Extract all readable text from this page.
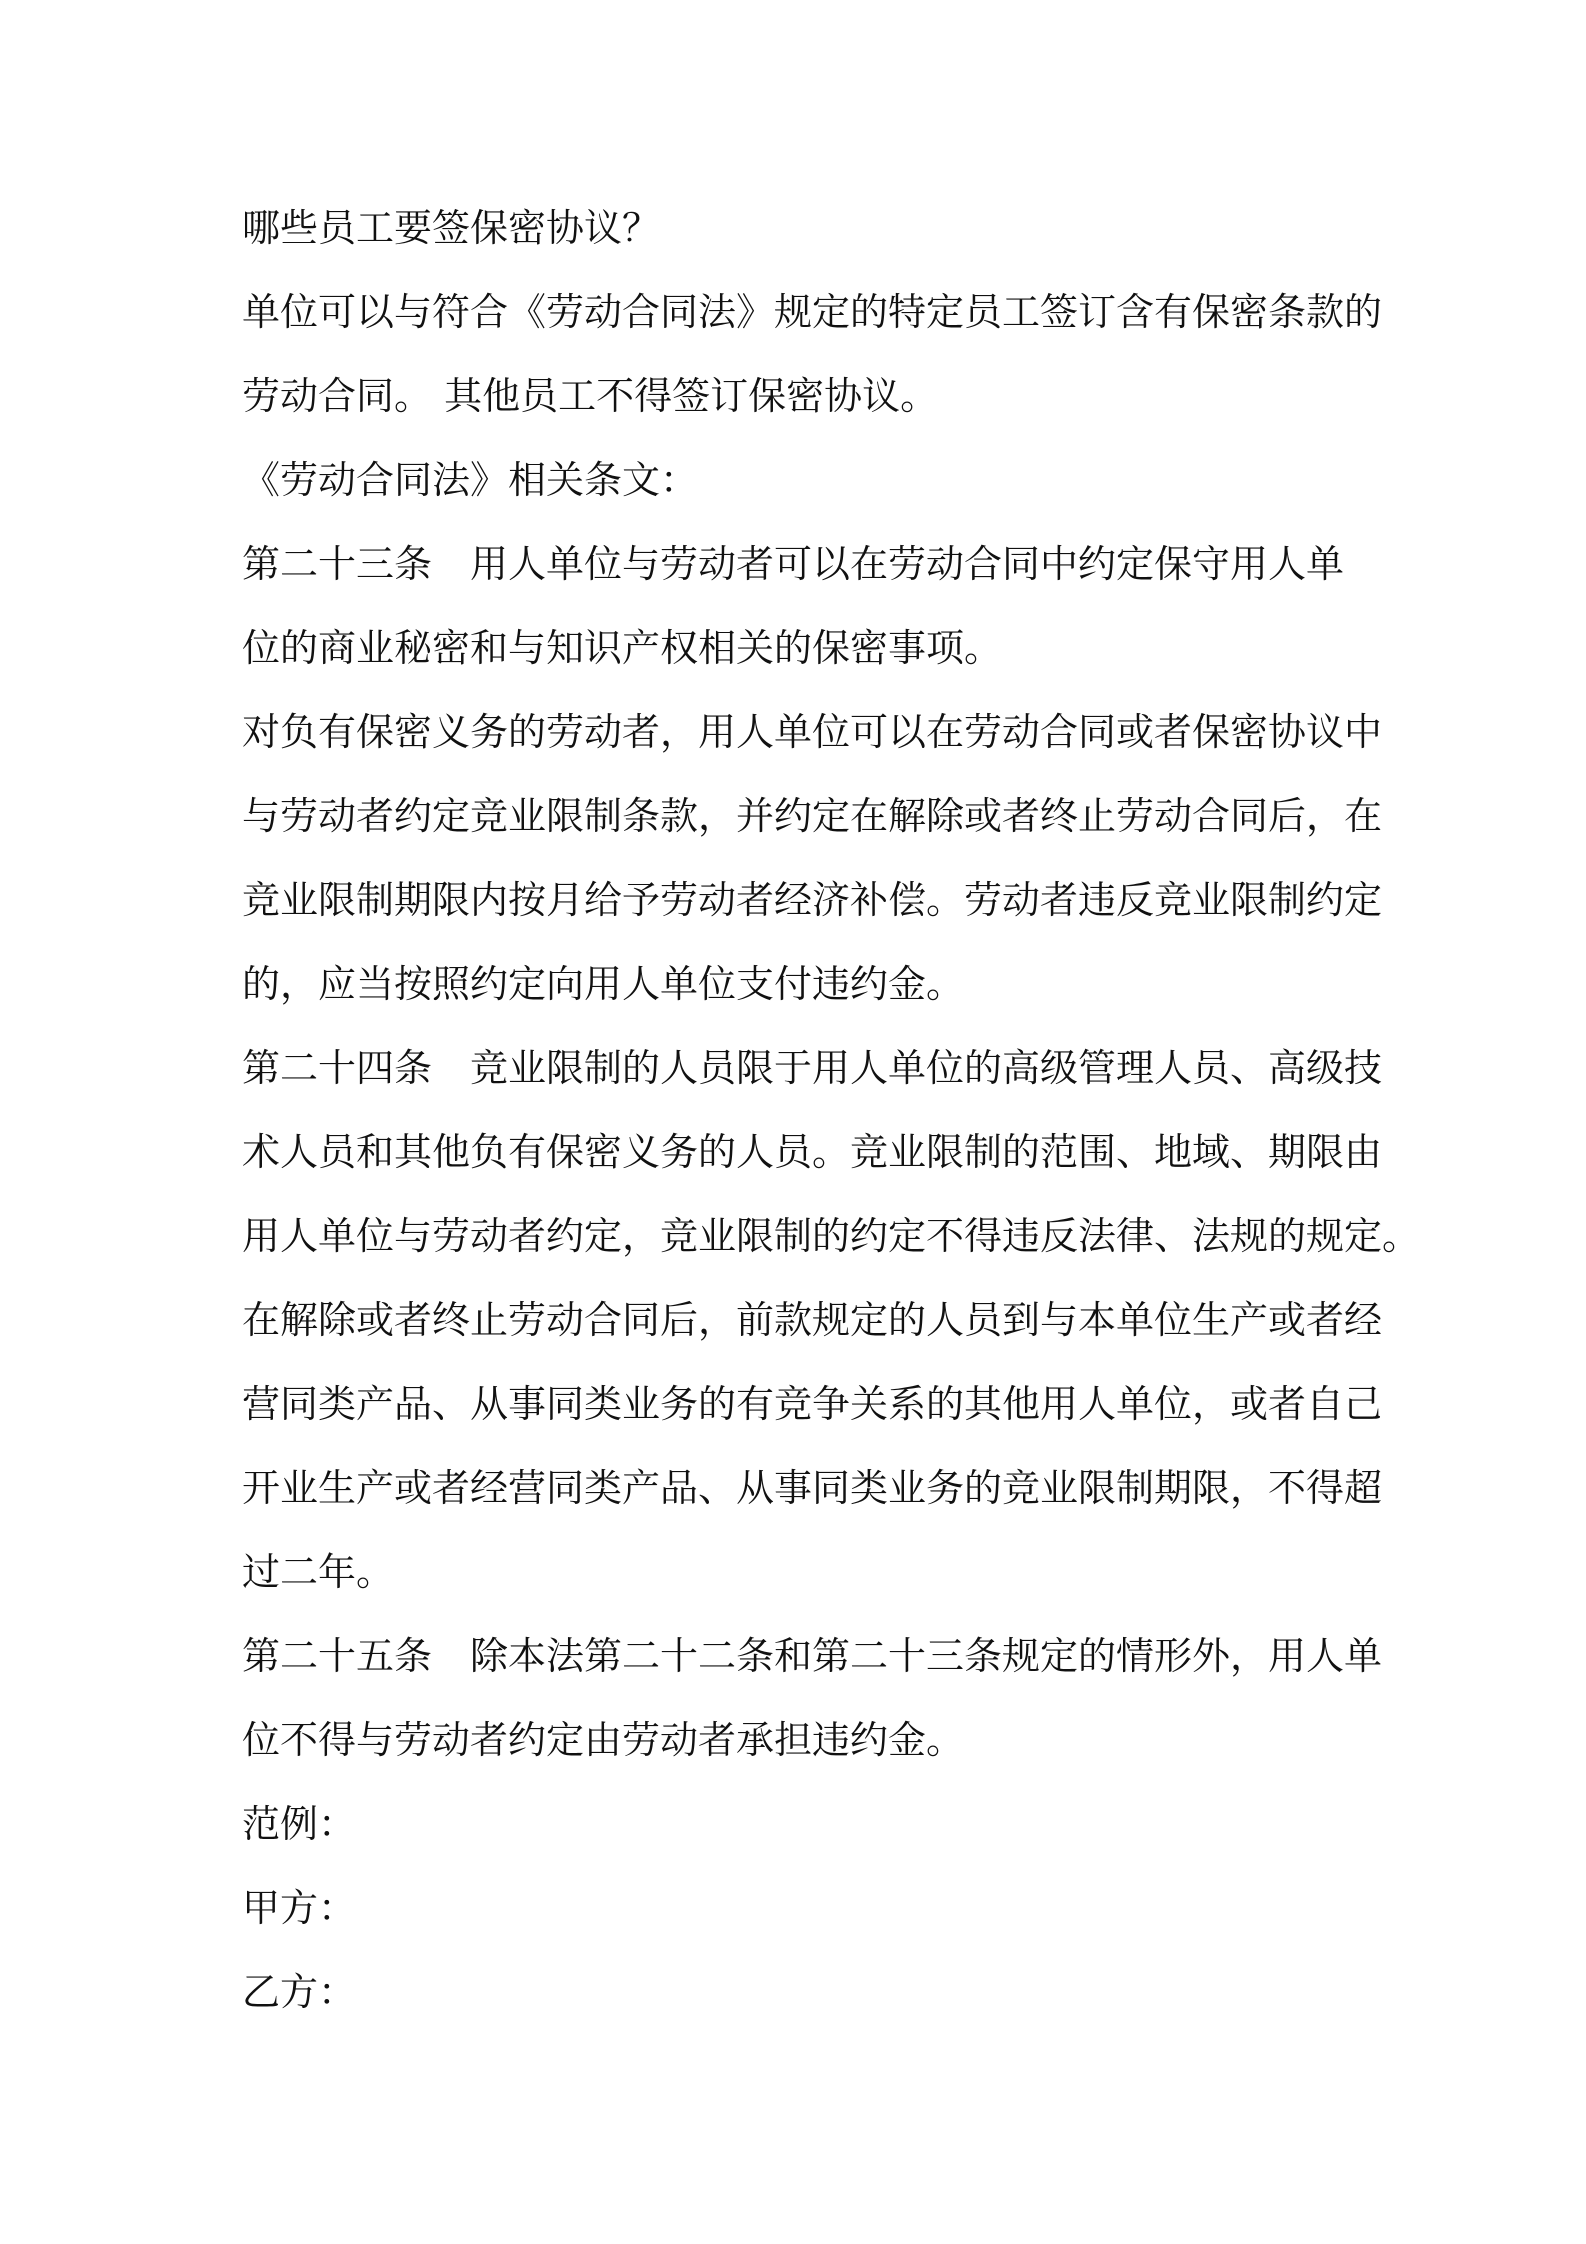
哪些员工要签保密协议？
单位可以与符合《劳动合同法》规定的特定员工签订含有保密条款的
劳动合同。 其他员工不得签订保密协议。
《劳动合同法》相关条文：
第二十三条　用人单位与劳动者可以在劳动合同中约定保守用人单
位的商业秘密和与知识产权相关的保密事项。
对负有保密义务的劳动者，用人单位可以在劳动合同或者保密协议中
与劳动者约定竞业限制条款，并约定在解除或者终止劳动合同后，在
竞业限制期限内按月给予劳动者经济补偿。劳动者违反竞业限制约定
的，应当按照约定向用人单位支付违约金。
第二十四条　竞业限制的人员限于用人单位的高级管理人员、高级技
术人员和其他负有保密义务的人员。竞业限制的范围、地域、期限由
用人单位与劳动者约定，竞业限制的约定不得违反法律、法规的规定。
在解除或者终止劳动合同后，前款规定的人员到与本单位生产或者经
营同类产品、从事同类业务的有竞争关系的其他用人单位，或者自己
开业生产或者经营同类产品、从事同类业务的竞业限制期限，不得超
过二年。
第二十五条　除本法第二十二条和第二十三条规定的情形外，用人单
位不得与劳动者约定由劳动者承担违约金。
范例：
甲方：
乙方：
